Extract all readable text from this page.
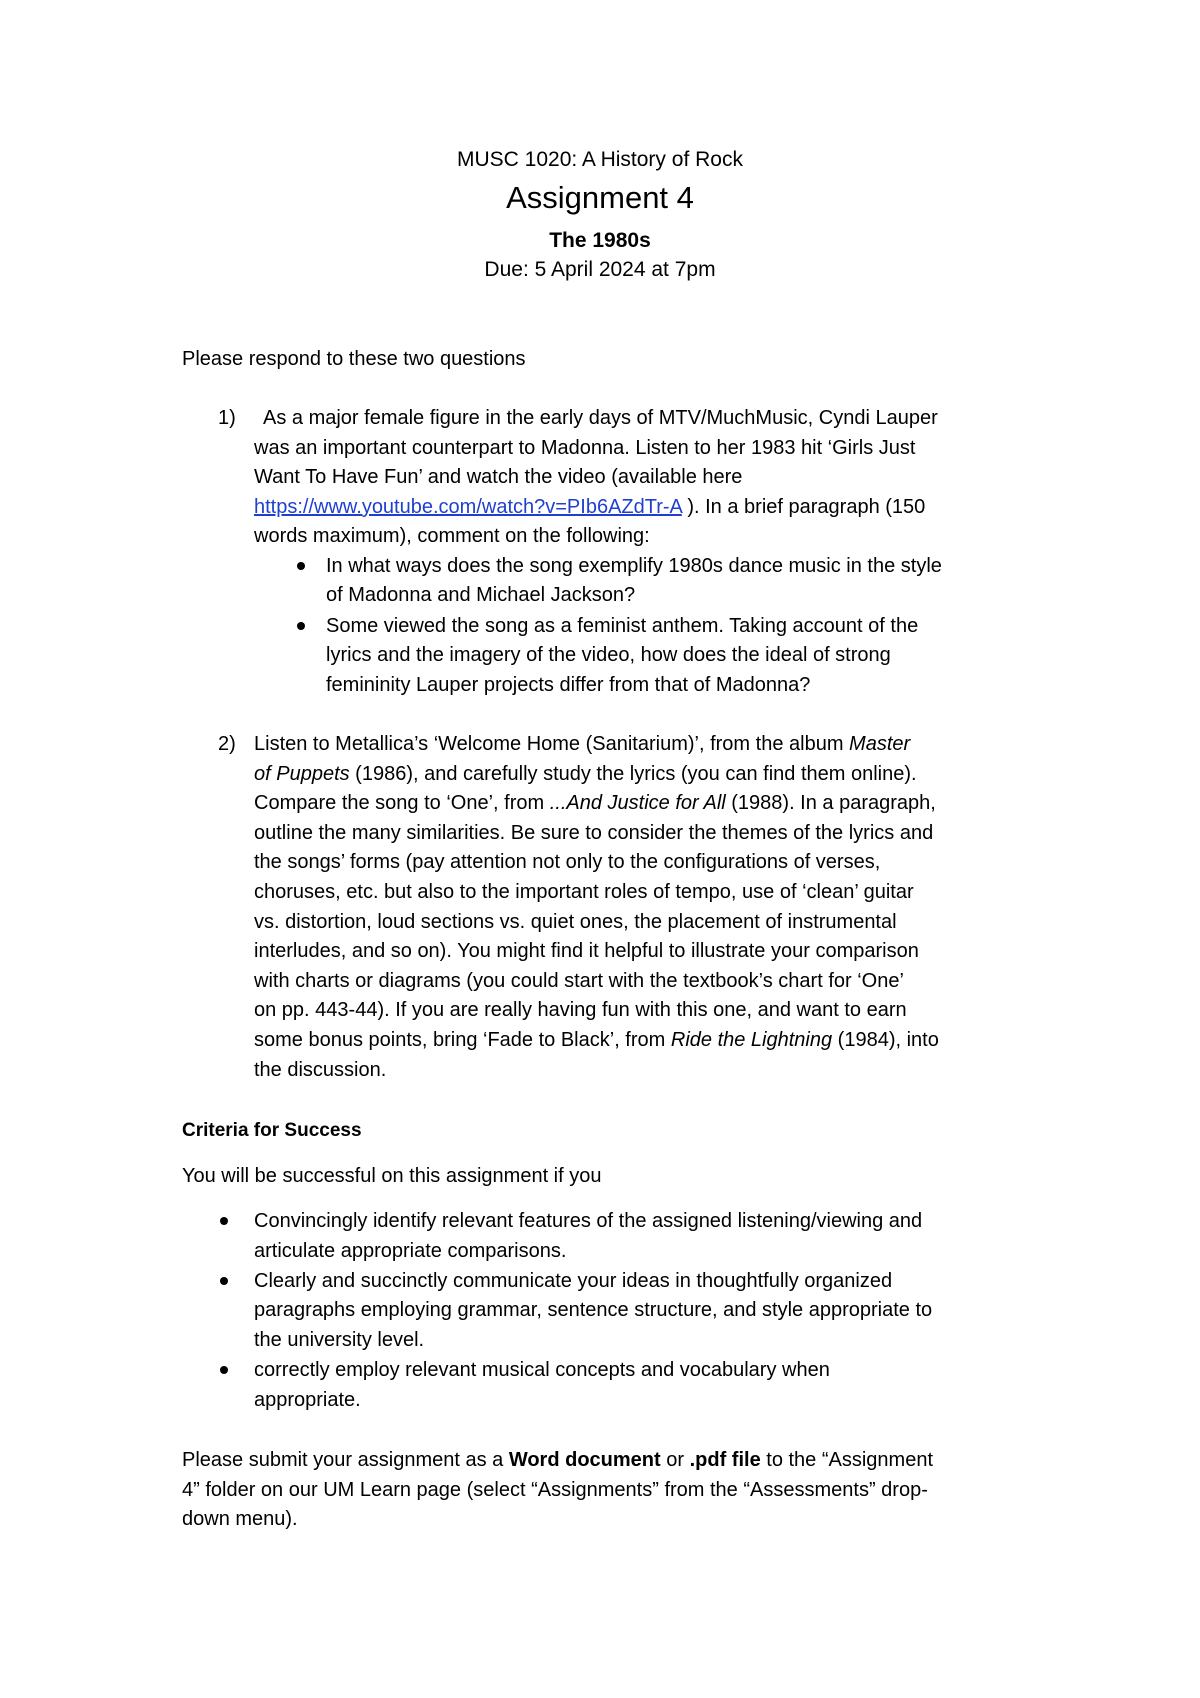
MUSC 1020: A History of Rock
Assignment 4
The 1980s
Due: 5 April 2024 at 7pm
Please respond to these two questions
1) As a major female figure in the early days of MTV/MuchMusic, Cyndi Lauper
was an important counterpart to Madonna. Listen to her 1983 hit ‘Girls Just
Want To Have Fun’ and watch the video (available here
https://www.youtube.com/watch?v=PIb6AZdTr-A ). In a brief paragraph (150
words maximum), comment on the following:
In what ways does the song exemplify 1980s dance music in the style
of Madonna and Michael Jackson?
Some viewed the song as a feminist anthem. Taking account of the
lyrics and the imagery of the video, how does the ideal of strong
femininity Lauper projects differ from that of Madonna?
2) Listen to Metallica’s ‘Welcome Home (Sanitarium)’, from the album Master
of Puppets (1986), and carefully study the lyrics (you can find them online).
Compare the song to ‘One’, from ...And Justice for All (1988). In a paragraph,
outline the many similarities. Be sure to consider the themes of the lyrics and
the songs’ forms (pay attention not only to the configurations of verses,
choruses, etc. but also to the important roles of tempo, use of ‘clean’ guitar
vs. distortion, loud sections vs. quiet ones, the placement of instrumental
interludes, and so on). You might find it helpful to illustrate your comparison
with charts or diagrams (you could start with the textbook’s chart for ‘One’
on pp. 443-44). If you are really having fun with this one, and want to earn
some bonus points, bring ‘Fade to Black’, from Ride the Lightning (1984), into
the discussion.
Criteria for Success
You will be successful on this assignment if you
Convincingly identify relevant features of the assigned listening/viewing and
articulate appropriate comparisons.
Clearly and succinctly communicate your ideas in thoughtfully organized
paragraphs employing grammar, sentence structure, and style appropriate to
the university level.
correctly employ relevant musical concepts and vocabulary when
appropriate.
Please submit your assignment as a Word document or .pdf file to the “Assignment
4” folder on our UM Learn page (select “Assignments” from the “Assessments” drop-
down menu).
